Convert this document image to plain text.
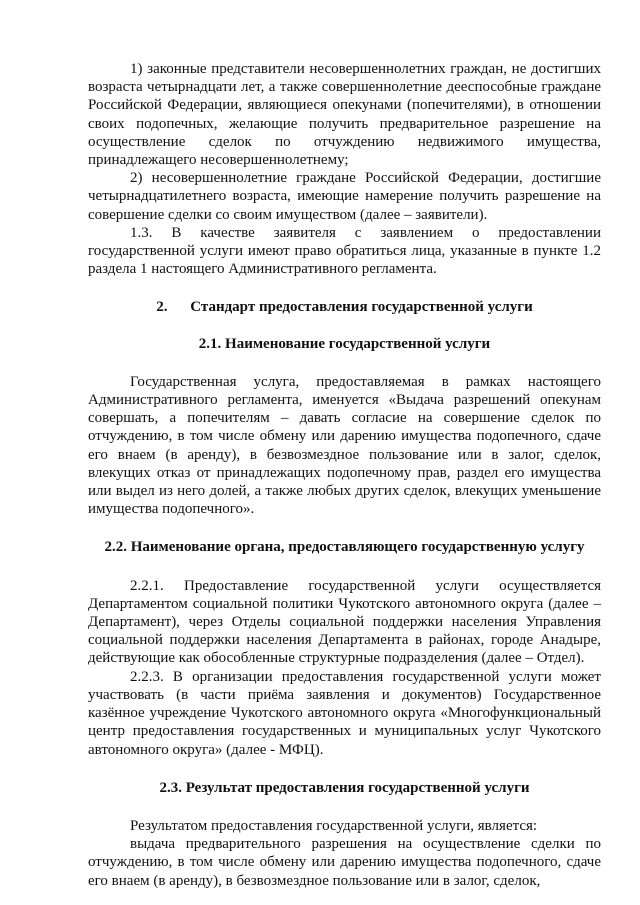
1) законные представители несовершеннолетних граждан, не достигших возраста четырнадцати лет, а также совершеннолетние дееспособные граждане Российской Федерации, являющиеся опекунами (попечителями), в отношении своих подопечных, желающие получить предварительное разрешение на осуществление сделок по отчуждению недвижимого имущества, принадлежащего несовершеннолетнему;

2) несовершеннолетние граждане Российской Федерации, достигшие четырнадцатилетнего возраста, имеющие намерение получить разрешение на совершение сделки со своим имуществом (далее – заявители).

1.3. В качестве заявителя с заявлением о предоставлении государственной услуги имеют право обратиться лица, указанные в пункте 1.2 раздела 1 настоящего Административного регламента.

2. Стандарт предоставления государственной услуги

2.1. Наименование государственной услуги

Государственная услуга, предоставляемая в рамках настоящего Административного регламента, именуется «Выдача разрешений опекунам совершать, а попечителям – давать согласие на совершение сделок по отчуждению, в том числе обмену или дарению имущества подопечного, сдаче его внаем (в аренду), в безвозмездное пользование или в залог, сделок, влекущих отказ от принадлежащих подопечному прав, раздел его имущества или выдел из него долей, а также любых других сделок, влекущих уменьшение имущества подопечного».

2.2. Наименование органа, предоставляющего государственную услугу

2.2.1. Предоставление государственной услуги осуществляется Департаментом социальной политики Чукотского автономного округа (далее – Департамент), через Отделы социальной поддержки населения Управления социальной поддержки населения Департамента в районах, городе Анадыре, действующие как обособленные структурные подразделения (далее – Отдел).

2.2.3. В организации предоставления государственной услуги может участвовать (в части приёма заявления и документов) Государственное казённое учреждение Чукотского автономного округа «Многофункциональный центр предоставления государственных и муниципальных услуг Чукотского автономного округа» (далее - МФЦ).

2.3. Результат предоставления государственной услуги

Результатом предоставления государственной услуги, является:

выдача предварительного разрешения на осуществление сделки по отчуждению, в том числе обмену или дарению имущества подопечного, сдаче его внаем (в аренду), в безвозмездное пользование или в залог, сделок,
